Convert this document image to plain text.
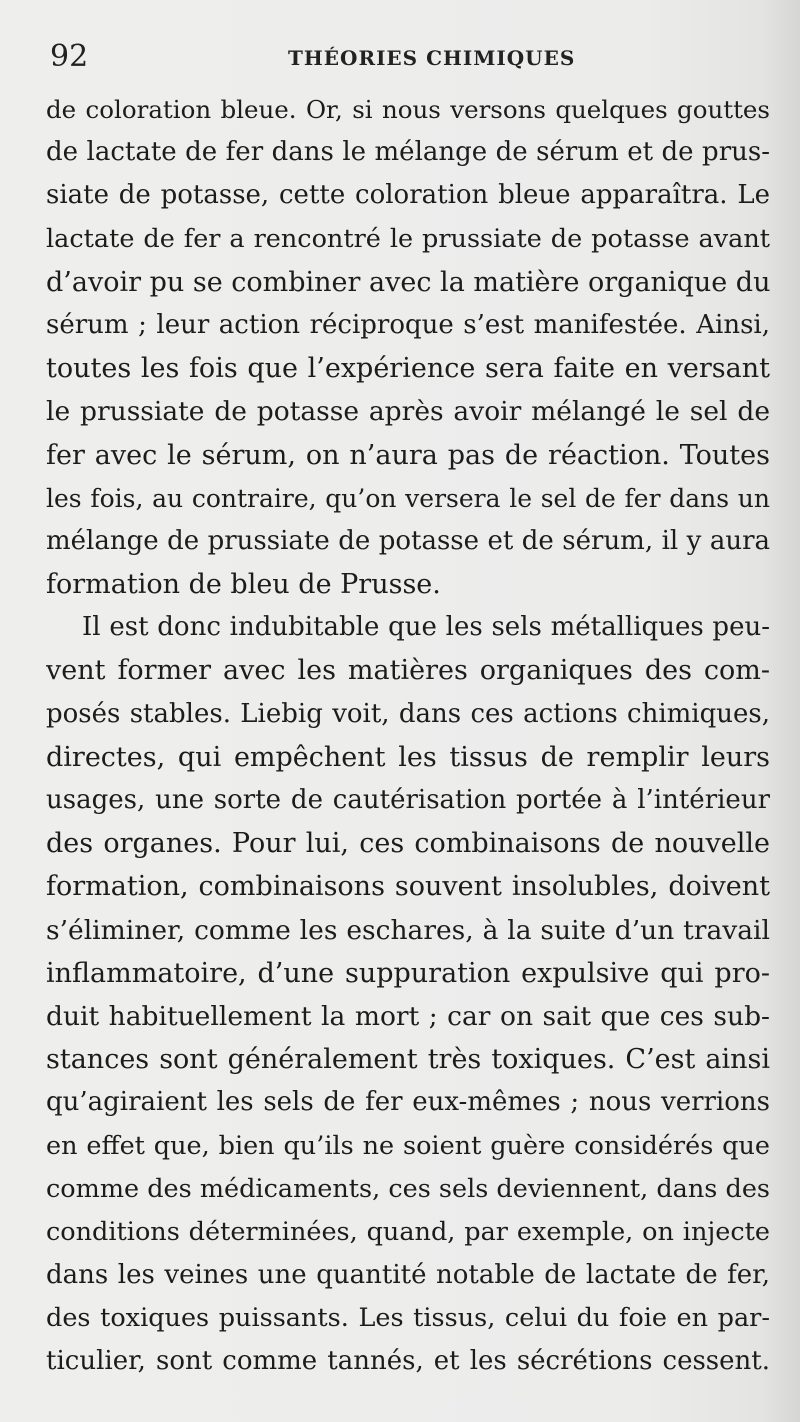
92	THÉORIES CHIMIQUES
de coloration bleue. Or, si nous versons quelques gouttes
de lactate de fer dans le mélange de sérum et de prus-
siate de potasse, cette coloration bleue apparaîtra. Le
lactate de fer a rencontré le prussiate de potasse avant
d’avoir pu se combiner avec la matière organique du
sérum ; leur action réciproque s’est manifestée. Ainsi,
toutes les fois que l’expérience sera faite en versant
le prussiate de potasse après avoir mélangé le sel de
fer avec le sérum, on n’aura pas de réaction. Toutes
les fois, au contraire, qu’on versera le sel de fer dans un
mélange de prussiate de potasse et de sérum, il y aura
formation de bleu de Prusse.
Il est donc indubitable que les sels métalliques peu-
vent former avec les matières organiques des com-
posés stables. Liebig voit, dans ces actions chimiques,
directes, qui empêchent les tissus de remplir leurs
usages, une sorte de cautérisation portée à l’intérieur
des organes. Pour lui, ces combinaisons de nouvelle
formation, combinaisons souvent insolubles, doivent
s’éliminer, comme les eschares, à la suite d’un travail
inflammatoire, d’une suppuration expulsive qui pro-
duit habituellement la mort ; car on sait que ces sub-
stances sont généralement très toxiques. C’est ainsi
qu’agiraient les sels de fer eux-mêmes ; nous verrions
en effet que, bien qu’ils ne soient guère considérés que
comme des médicaments, ces sels deviennent, dans des
conditions déterminées, quand, par exemple, on injecte
dans les veines une quantité notable de lactate de fer,
des toxiques puissants. Les tissus, celui du foie en par-
ticulier, sont comme tannés, et les sécrétions cessent.
